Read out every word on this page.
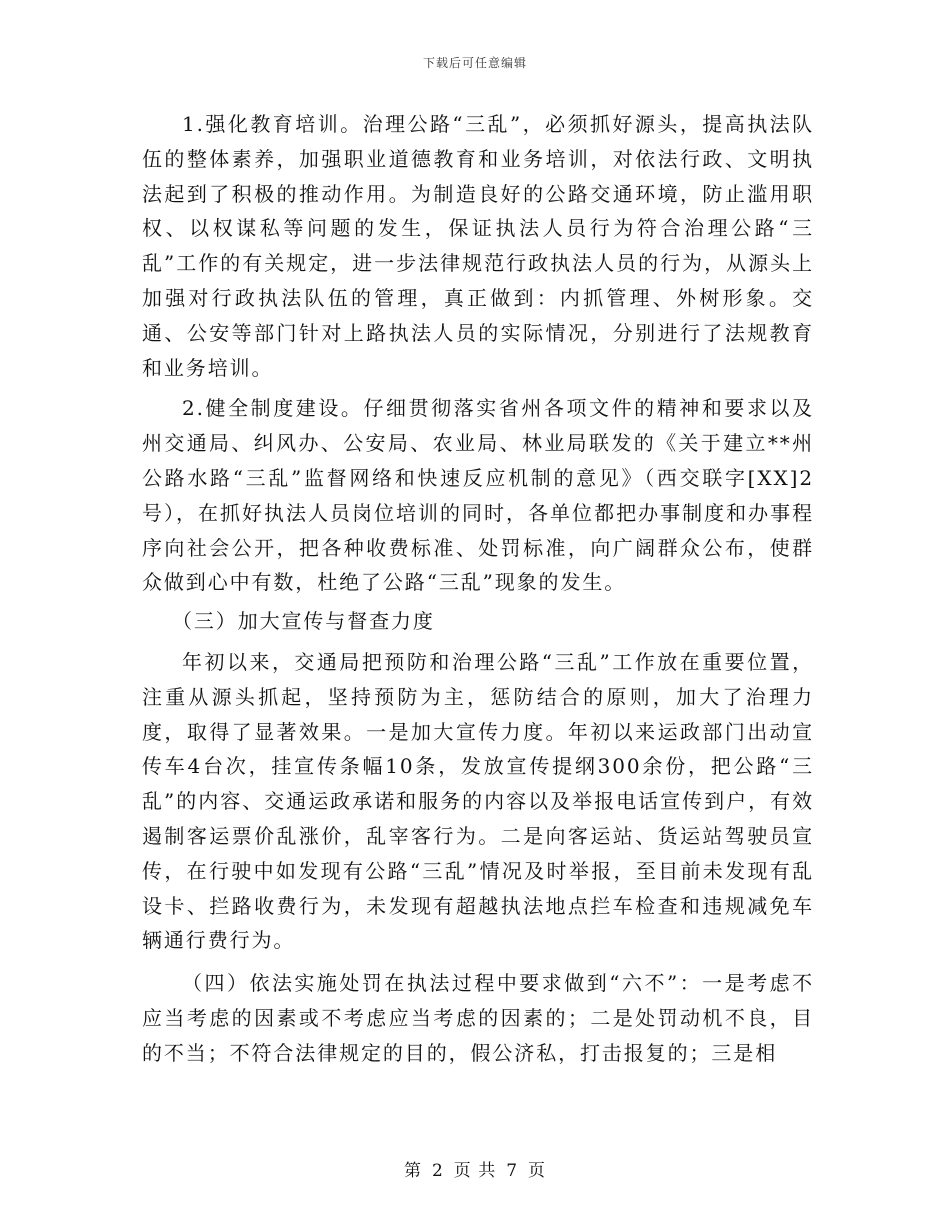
下载后可任意编辑

1.强化教育培训。治理公路“三乱”，必须抓好源头，提高执法队伍的整体素养，加强职业道德教育和业务培训，对依法行政、文明执法起到了积极的推动作用。为制造良好的公路交通环境，防止滥用职权、以权谋私等问题的发生，保证执法人员行为符合治理公路“三乱”工作的有关规定，进一步法律规范行政执法人员的行为，从源头上加强对行政执法队伍的管理，真正做到：内抓管理、外树形象。交通、公安等部门针对上路执法人员的实际情况，分别进行了法规教育和业务培训。

2.健全制度建设。仔细贯彻落实省州各项文件的精神和要求以及州交通局、纠风办、公安局、农业局、林业局联发的《关于建立**州公路水路“三乱”监督网络和快速反应机制的意见》（西交联字[XX]2号），在抓好执法人员岗位培训的同时，各单位都把办事制度和办事程序向社会公开，把各种收费标准、处罚标准，向广阔群众公布，使群众做到心中有数，杜绝了公路“三乱”现象的发生。

（三）加大宣传与督查力度

年初以来，交通局把预防和治理公路“三乱”工作放在重要位置，注重从源头抓起，坚持预防为主，惩防结合的原则，加大了治理力度，取得了显著效果。一是加大宣传力度。年初以来运政部门出动宣传车4台次，挂宣传条幅10条，发放宣传提纲300余份，把公路“三乱”的内容、交通运政承诺和服务的内容以及举报电话宣传到户，有效遏制客运票价乱涨价，乱宰客行为。二是向客运站、货运站驾驶员宣传，在行驶中如发现有公路“三乱”情况及时举报，至目前未发现有乱设卡、拦路收费行为，未发现有超越执法地点拦车检查和违规减免车辆通行费行为。

（四）依法实施处罚在执法过程中要求做到“六不”：一是考虑不应当考虑的因素或不考虑应当考虑的因素的；二是处罚动机不良，目的不当；不符合法律规定的目的，假公济私，打击报复的；三是相

第 2 页 共 7 页
